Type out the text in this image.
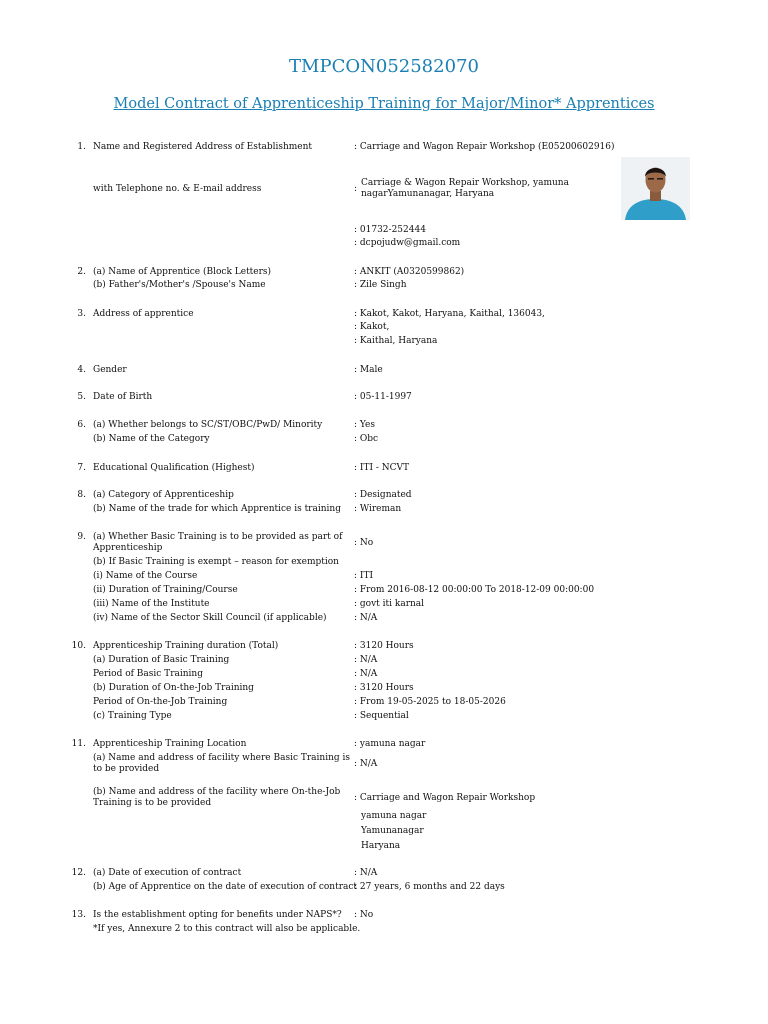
TMPCON052582070
Model Contract of Apprenticeship Training for Major/Minor* Apprentices
1. Name and Registered Address of Establishment	: Carriage and Wagon Repair Workshop (E05200602916)
with Telephone no. & E-mail address	:
Carriage & Wagon Repair Workshop, yamuna
nagarYamunanagar, Haryana
: 01732-252444
: dcpojudw@gmail.com
2. (a) Name of Apprentice (Block Letters)	: ANKIT (A0320599862)
(b) Father's/Mother's /Spouse's Name	: Zile Singh
3. Address of apprentice	: Kakot, Kakot, Haryana, Kaithal, 136043,
: Kakot,
: Kaithal, Haryana
4. Gender	: Male
5. Date of Birth	: 05-11-1997
6. (a) Whether belongs to SC/ST/OBC/PwD/ Minority	: Yes
(b) Name of the Category	: Obc
7. Educational Qualification (Highest)	: ITI - NCVT
8. (a) Category of Apprenticeship	: Designated
(b) Name of the trade for which Apprentice is training : Wireman
9. (a) Whether Basic Training is to be provided as part of
Apprenticeship	: No
(b) If Basic Training is exempt – reason for exemption
(i) Name of the Course	: ITI
(ii) Duration of Training/Course	: From 2016-08-12 00:00:00 To 2018-12-09 00:00:00
(iii) Name of the Institute	: govt iti karnal
(iv) Name of the Sector Skill Council (if applicable)	: N/A
10. Apprenticeship Training duration (Total)	: 3120 Hours
(a) Duration of Basic Training	: N/A
Period of Basic Training	: N/A
(b) Duration of On-the-Job Training	: 3120 Hours
Period of On-the-Job Training	: From 19-05-2025 to 18-05-2026
(c) Training Type	: Sequential
11. Apprenticeship Training Location	: yamuna nagar
(a) Name and address of facility where Basic Training is
to be provided	: N/A
(b) Name and address of the facility where On-the-Job
Training is to be provided	: Carriage and Wagon Repair Workshop
yamuna nagar
Yamunanagar
Haryana
12. (a) Date of execution of contract	: N/A
(b) Age of Apprentice on the date of execution of contract
: 27 years, 6 months and 22 days
13. Is the establishment opting for benefits under NAPS*? : No
*If yes, Annexure 2 to this contract will also be applicable.
